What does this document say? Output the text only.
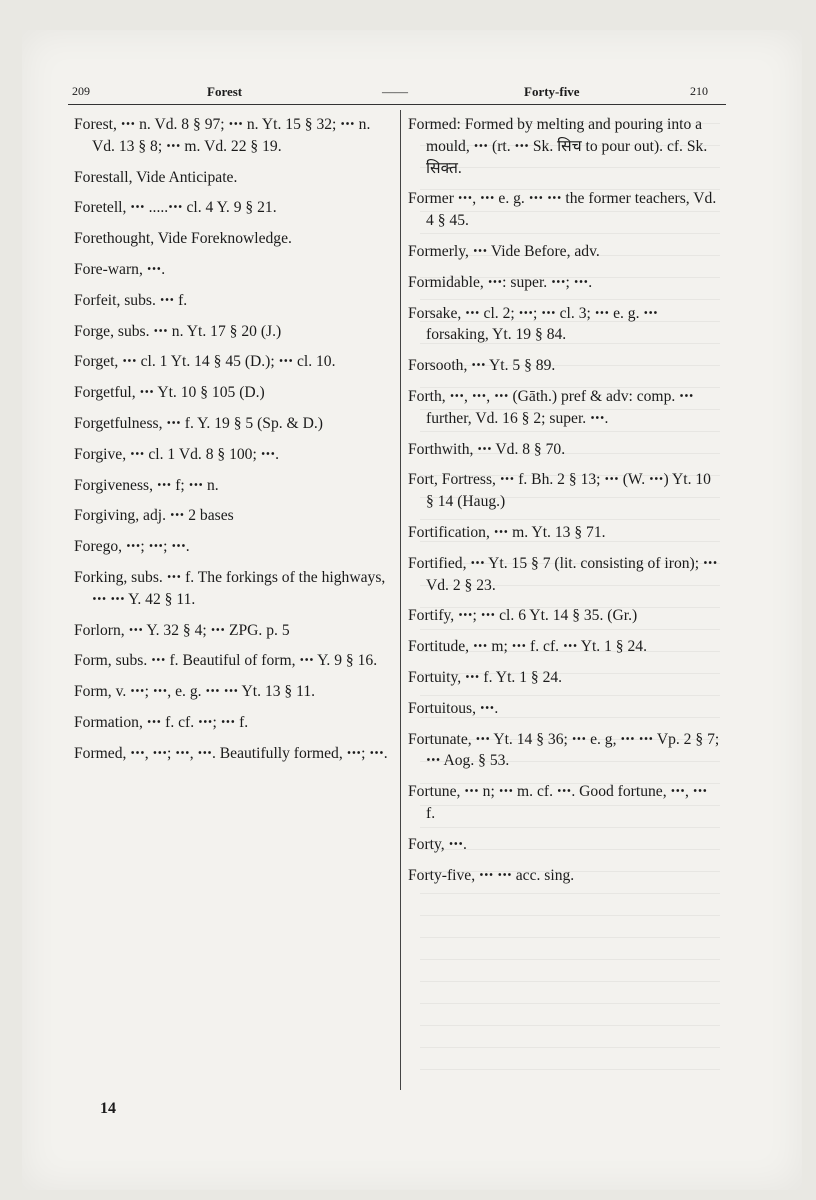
209	Forest	——	Forty-five	210

Forest, ꞏꞏꞏ n. Vd. 8 § 97; ꞏꞏꞏ n. Yt. 15 § 32; ꞏꞏꞏ n. Vd. 13 § 8; ꞏꞏꞏ m. Vd. 22 § 19.

Forestall, Vide Anticipate.

Foretell, ꞏꞏꞏ .....ꞏꞏꞏ cl. 4 Y. 9 § 21.

Forethought, Vide Foreknowledge.

Fore-warn, ꞏꞏꞏ.

Forfeit, subs. ꞏꞏꞏ f.

Forge, subs. ꞏꞏꞏ n. Yt. 17 § 20 (J.)

Forget, ꞏꞏꞏ cl. 1 Yt. 14 § 45 (D.); ꞏꞏꞏ cl. 10.

Forgetful, ꞏꞏꞏ Yt. 10 § 105 (D.)

Forgetfulness, ꞏꞏꞏ f. Y. 19 § 5 (Sp. & D.)

Forgive, ꞏꞏꞏ cl. 1 Vd. 8 § 100; ꞏꞏꞏ.

Forgiveness, ꞏꞏꞏ f; ꞏꞏꞏ n.

Forgiving, adj. ꞏꞏꞏ 2 bases

Forego, ꞏꞏꞏ; ꞏꞏꞏ; ꞏꞏꞏ.

Forking, subs. ꞏꞏꞏ f. The forkings of the highways, ꞏꞏꞏ ꞏꞏꞏ Y. 42 § 11.

Forlorn, ꞏꞏꞏ Y. 32 § 4; ꞏꞏꞏ ZPG. p. 5

Form, subs. ꞏꞏꞏ f. Beautiful of form, ꞏꞏꞏ Y. 9 § 16.

Form, v. ꞏꞏꞏ; ꞏꞏꞏ, e. g. ꞏꞏꞏ ꞏꞏꞏ Yt. 13 § 11.

Formation, ꞏꞏꞏ f. cf. ꞏꞏꞏ; ꞏꞏꞏ f.

Formed, ꞏꞏꞏ, ꞏꞏꞏ; ꞏꞏꞏ, ꞏꞏꞏ. Beautifully formed, ꞏꞏꞏ; ꞏꞏꞏ.

Formed: Formed by melting and pouring into a mould, ꞏꞏꞏ (rt. ꞏꞏꞏ Sk. सिच to pour out). cf. Sk. सिक्त.

Former ꞏꞏꞏ, ꞏꞏꞏ e. g. ꞏꞏꞏ ꞏꞏꞏ the former teachers, Vd. 4 § 45.

Formerly, ꞏꞏꞏ Vide Before, adv.

Formidable, ꞏꞏꞏ: super. ꞏꞏꞏ; ꞏꞏꞏ.

Forsake, ꞏꞏꞏ cl. 2; ꞏꞏꞏ; ꞏꞏꞏ cl. 3; ꞏꞏꞏ e. g. ꞏꞏꞏ forsaking, Yt. 19 § 84.

Forsooth, ꞏꞏꞏ Yt. 5 § 89.

Forth, ꞏꞏꞏ, ꞏꞏꞏ, ꞏꞏꞏ (Gāth.) pref & adv: comp. ꞏꞏꞏ further, Vd. 16 § 2; super. ꞏꞏꞏ.

Forthwith, ꞏꞏꞏ Vd. 8 § 70.

Fort, Fortress, ꞏꞏꞏ f. Bh. 2 § 13; ꞏꞏꞏ (W. ꞏꞏꞏ) Yt. 10 § 14 (Haug.)

Fortification, ꞏꞏꞏ m. Yt. 13 § 71.

Fortified, ꞏꞏꞏ Yt. 15 § 7 (lit. consisting of iron); ꞏꞏꞏ Vd. 2 § 23.

Fortify, ꞏꞏꞏ; ꞏꞏꞏ cl. 6 Yt. 14 § 35. (Gr.)

Fortitude, ꞏꞏꞏ m; ꞏꞏꞏ f. cf. ꞏꞏꞏ Yt. 1 § 24.

Fortuity, ꞏꞏꞏ f. Yt. 1 § 24.

Fortuitous, ꞏꞏꞏ.

Fortunate, ꞏꞏꞏ Yt. 14 § 36; ꞏꞏꞏ e. g, ꞏꞏꞏ ꞏꞏꞏ Vp. 2 § 7; ꞏꞏꞏ Aog. § 53.

Fortune, ꞏꞏꞏ n; ꞏꞏꞏ m. cf. ꞏꞏꞏ. Good fortune, ꞏꞏꞏ, ꞏꞏꞏ f.

Forty, ꞏꞏꞏ.

Forty-five, ꞏꞏꞏ ꞏꞏꞏ acc. sing.

14
